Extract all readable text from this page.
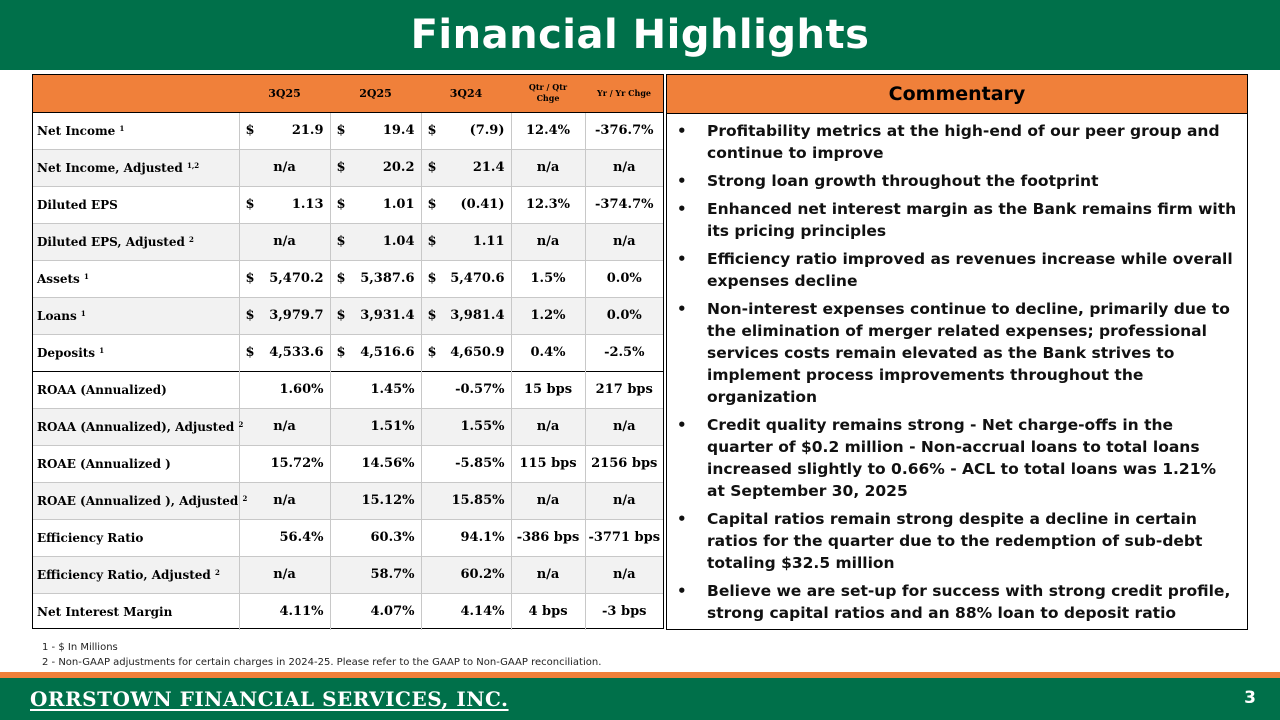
Financial Highlights
	3Q25	2Q25	3Q24	Qtr / Qtr Chge	Yr / Yr Chge
Net Income $^1$	$ 21.9	$ 19.4	$ (7.9)	12.4%	-376.7%
Net Income, Adjusted $^{1,2}$	n/a	$ 20.2	$ 21.4	n/a	n/a
Diluted EPS	$ 1.13	$ 1.01	$ (0.41)	12.3%	-374.7%
Diluted EPS, Adjusted $^2$	n/a	$ 1.04	$ 1.11	n/a	n/a
Assets $^1$	$ 5,470.2	$ 5,387.6	$ 5,470.6	1.5%	0.0%
Loans $^1$	$ 3,979.7	$ 3,931.4	$ 3,981.4	1.2%	0.0%
Deposits $^1$	$ 4,533.6	$ 4,516.6	$ 4,650.9	0.4%	-2.5%
ROAA (Annualized)	1.60%	1.45%	-0.57%	15 bps	217 bps
ROAA (Annualized), Adjusted $^2$	n/a	1.51%	1.55%	n/a	n/a
ROAE (Annualized )	15.72%	14.56%	-5.85%	115 bps	2156 bps
ROAE (Annualized ), Adjusted $^2$	n/a	15.12%	15.85%	n/a	n/a
Efficiency Ratio	56.4%	60.3%	94.1%	-386 bps	-3771 bps
Efficiency Ratio, Adjusted $^2$	n/a	58.7%	60.2%	n/a	n/a
Net Interest Margin	4.11%	4.07%	4.14%	4 bps	-3 bps
Commentary
• Profitability metrics at the high-end of our peer group and continue to improve
• Strong loan growth throughout the footprint
• Enhanced net interest margin as the Bank remains firm with its pricing principles
• Efficiency ratio improved as revenues increase while overall expenses decline
• Non-interest expenses continue to decline, primarily due to the elimination of merger related expenses; professional services costs remain elevated as the Bank strives to implement process improvements throughout the organization
• Credit quality remains strong - Net charge-offs in the quarter of $0.2 million - Non-accrual loans to total loans increased slightly to 0.66% - ACL to total loans was 1.21% at September 30, 2025
• Capital ratios remain strong despite a decline in certain ratios for the quarter due to the redemption of sub-debt totaling $32.5 million
• Believe we are set-up for success with strong credit profile, strong capital ratios and an 88% loan to deposit ratio
1 - $ In Millions
2 - Non-GAAP adjustments for certain charges in 2024-25. Please refer to the GAAP to Non-GAAP reconciliation.
ORRSTOWN FINANCIAL SERVICES, INC.	3
